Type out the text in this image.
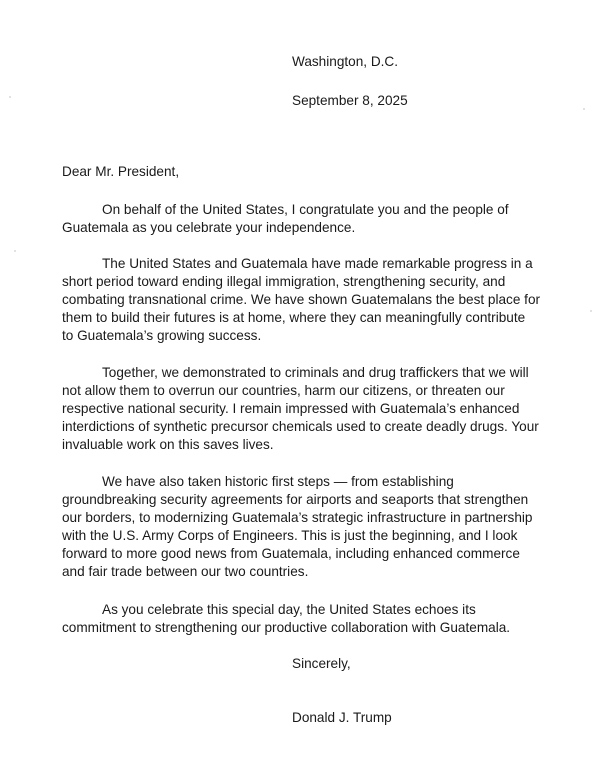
Washington, D.C.
September 8, 2025
Dear Mr. President,
On behalf of the United States, I congratulate you and the people of
Guatemala as you celebrate your independence.
The United States and Guatemala have made remarkable progress in a
short period toward ending illegal immigration, strengthening security, and
combating transnational crime. We have shown Guatemalans the best place for
them to build their futures is at home, where they can meaningfully contribute
to Guatemala’s growing success.
Together, we demonstrated to criminals and drug traffickers that we will
not allow them to overrun our countries, harm our citizens, or threaten our
respective national security. I remain impressed with Guatemala’s enhanced
interdictions of synthetic precursor chemicals used to create deadly drugs. Your
invaluable work on this saves lives.
We have also taken historic first steps — from establishing
groundbreaking security agreements for airports and seaports that strengthen
our borders, to modernizing Guatemala’s strategic infrastructure in partnership
with the U.S. Army Corps of Engineers. This is just the beginning, and I look
forward to more good news from Guatemala, including enhanced commerce
and fair trade between our two countries.
As you celebrate this special day, the United States echoes its
commitment to strengthening our productive collaboration with Guatemala.
Sincerely,
Donald J. Trump
